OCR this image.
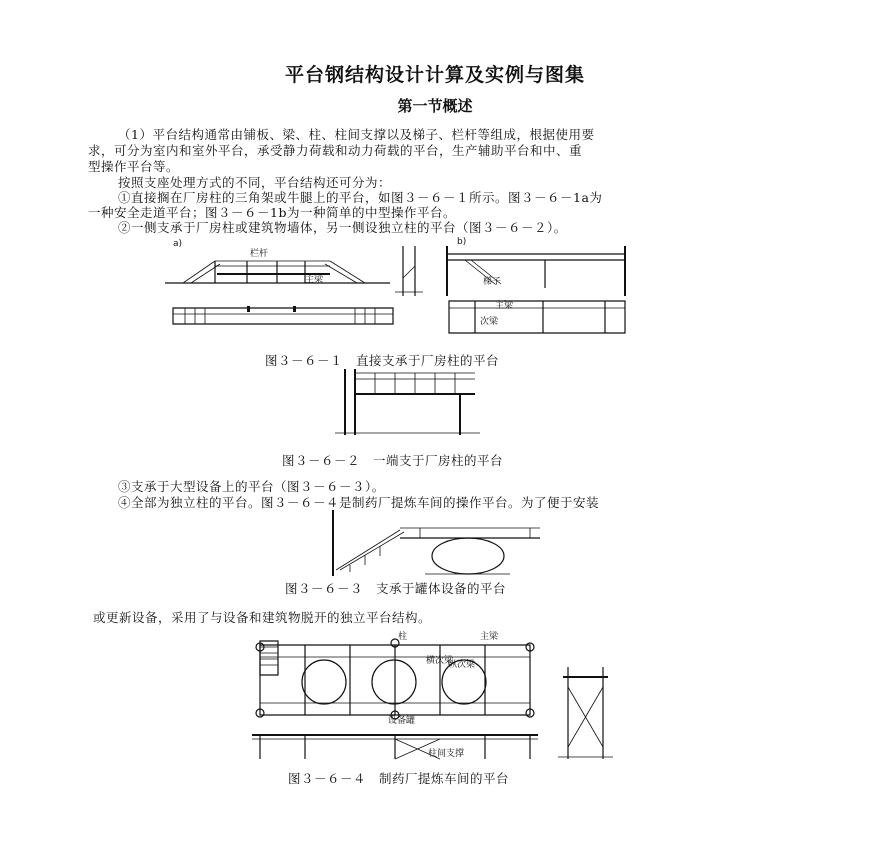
平台钢结构设计计算及实例与图集
第一节概述
（1）平台结构通常由铺板、梁、柱、柱间支撑以及梯子、栏杆等组成，根据使用要
求，可分为室内和室外平台，承受静力荷载和动力荷载的平台，生产辅助平台和中、重
型操作平台等。
按照支座处理方式的不同，平台结构还可分为：
①直接搁在厂房柱的三角架或牛腿上的平台，如图３－６－１所示。图３－６－1a为
一种安全走道平台；图３－６－1b为一种简单的中型操作平台。
②一侧支承于厂房柱或建筑物墙体，另一侧设独立柱的平台（图３－６－２）。
a)
栏杆
主梁
b)
梯子
主梁
次梁
图３－６－１　直接支承于厂房柱的平台
图３－６－２　一端支于厂房柱的平台
③支承于大型设备上的平台（图３－６－３）。
④全部为独立柱的平台。图３－６－４是制药厂提炼车间的操作平台。为了便于安装
图３－６－３　支承于罐体设备的平台
或更新设备，采用了与设备和建筑物脱开的独立平台结构。
柱	主梁
横次梁
纵次梁
设备罐
柱间支撑
图３－６－４　制药厂提炼车间的平台
